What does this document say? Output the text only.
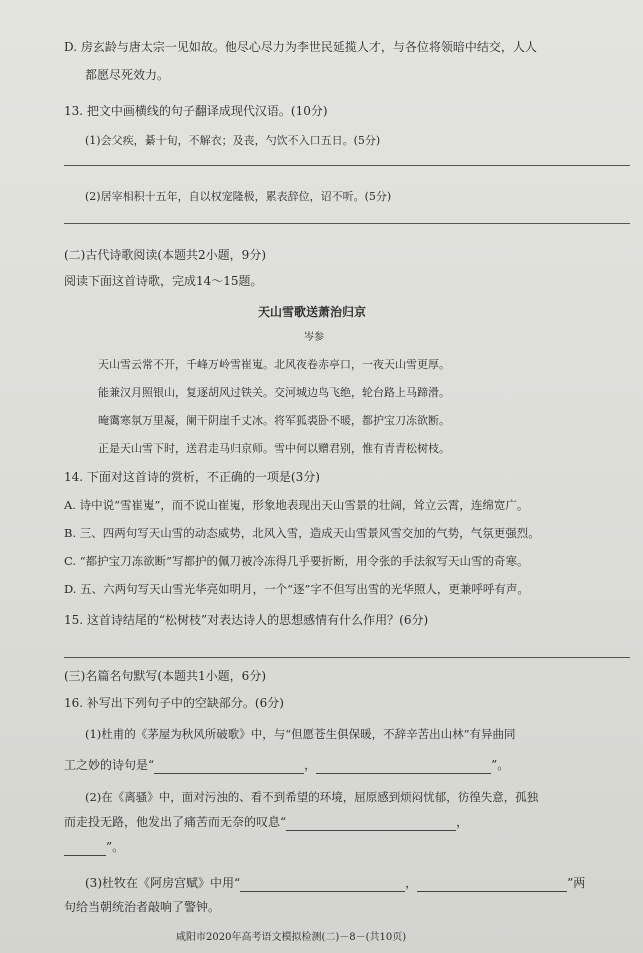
D. 房玄龄与唐太宗一见如故。他尽心尽力为李世民延揽人才，与各位将领暗中结交，人人
都愿尽死效力。
13. 把文中画横线的句子翻译成现代汉语。(10分)
(1)会父疾，綦十旬，不解衣；及丧，勺饮不入口五日。(5分)
(2)居宰相积十五年，自以权宠隆极，累表辞位，诏不听。(5分)
(二)古代诗歌阅读(本题共2小题，9分)
阅读下面这首诗歌，完成14～15题。
天山雪歌送萧治归京
岑参
天山雪云常不开，千峰万岭雪崔嵬。北风夜卷赤亭口，一夜天山雪更厚。
能兼汉月照银山，复逐胡风过铁关。交河城边鸟飞绝，轮台路上马蹄滑。
晻霭寒氛万里凝，阑干阴崖千丈冰。将军狐裘卧不暖，都护宝刀冻欲断。
正是天山雪下时，送君走马归京师。雪中何以赠君别，惟有青青松树枝。
14. 下面对这首诗的赏析，不正确的一项是(3分)
A. 诗中说“雪崔嵬”，而不说山崔嵬，形象地表现出天山雪景的壮阔，耸立云霄，连绵宽广。
B. 三、四两句写天山雪的动态威势，北风入雪，造成天山雪景风雪交加的气势，气氛更强烈。
C. “都护宝刀冻欲断”写都护的佩刀被冷冻得几乎要折断，用令张的手法叙写天山雪的奇寒。
D. 五、六两句写天山雪光华亮如明月，一个“逐”字不但写出雪的光华照人，更兼呼呼有声。
15. 这首诗结尾的“松树枝”对表达诗人的思想感情有什么作用？(6分)
(三)名篇名句默写(本题共1小题，6分)
16. 补写出下列句子中的空缺部分。(6分)
(1)杜甫的《茅屋为秋风所破歌》中，与“但愿苍生俱保暖，不辞辛苦出山林”有异曲同
工之妙的诗句是“	，	”。
(2)在《离骚》中，面对污浊的、看不到希望的环境，屈原感到烦闷忧郁，彷徨失意，孤独
而走投无路，他发出了痛苦而无奈的叹息“	，
”。
(3)杜牧在《阿房宫赋》中用“	，	”两
句给当朝统治者敲响了警钟。
咸阳市2020年高考语文模拟检测(二)－8－(共10页)
